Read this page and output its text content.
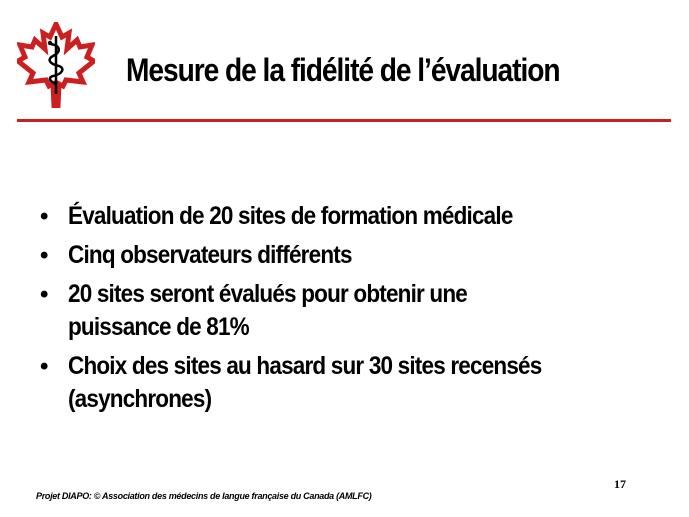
Mesure de la fidélité de l’évaluation
• Évaluation de 20 sites de formation médicale
• Cinq observateurs différents
• 20 sites seront évalués pour obtenir une puissance de 81%
• Choix des sites au hasard sur 30 sites recensés (asynchrones)
17
Projet DIAPO: © Association des médecins de langue française du Canada (AMLFC)
